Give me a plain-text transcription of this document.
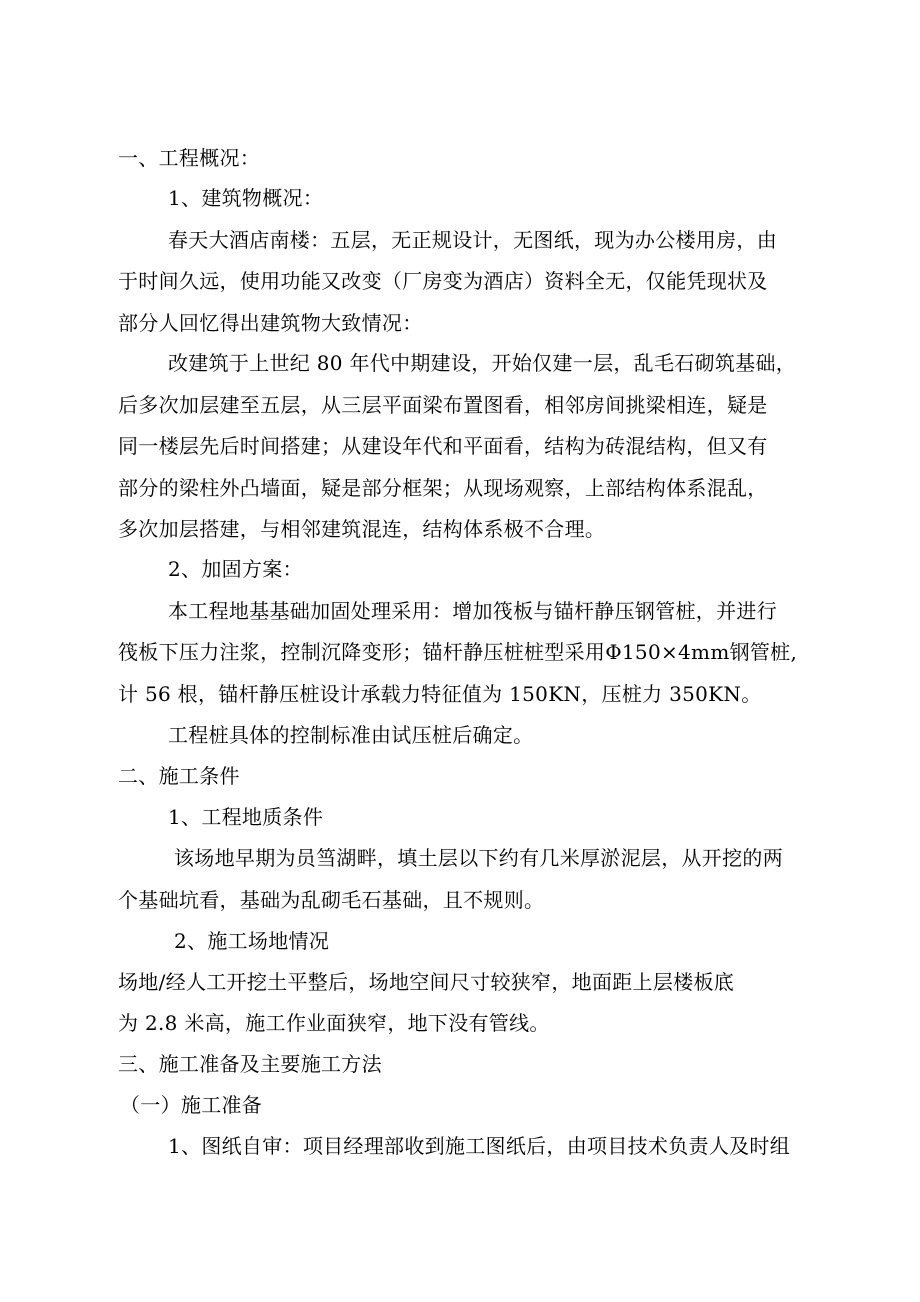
一、工程概况：
1、建筑物概况：
春天大酒店南楼：五层，无正规设计，无图纸，现为办公楼用房，由
于时间久远，使用功能又改变（厂房变为酒店）资料全无，仅能凭现状及
部分人回忆得出建筑物大致情况：
改建筑于上世纪 80 年代中期建设，开始仅建一层，乱毛石砌筑基础，
后多次加层建至五层，从三层平面梁布置图看，相邻房间挑梁相连，疑是
同一楼层先后时间搭建；从建设年代和平面看，结构为砖混结构，但又有
部分的梁柱外凸墙面，疑是部分框架；从现场观察，上部结构体系混乱，
多次加层搭建，与相邻建筑混连，结构体系极不合理。
2、加固方案：
本工程地基基础加固处理采用：增加筏板与锚杆静压钢管桩，并进行
筏板下压力注浆，控制沉降变形；锚杆静压桩桩型采用Φ150×4mm钢管桩,
计 56 根，锚杆静压桩设计承载力特征值为 150KN，压桩力 350KN。
工程桩具体的控制标准由试压桩后确定。
二、施工条件
1、工程地质条件
该场地早期为员筜湖畔，填土层以下约有几米厚淤泥层，从开挖的两
个基础坑看，基础为乱砌毛石基础，且不规则。
2、施工场地情况
场地/经人工开挖土平整后，场地空间尺寸较狭窄，地面距上层楼板底
为 2.8 米高，施工作业面狭窄，地下没有管线。
三、施工准备及主要施工方法
（一）施工准备
1、图纸自审：项目经理部收到施工图纸后，由项目技术负责人及时组
